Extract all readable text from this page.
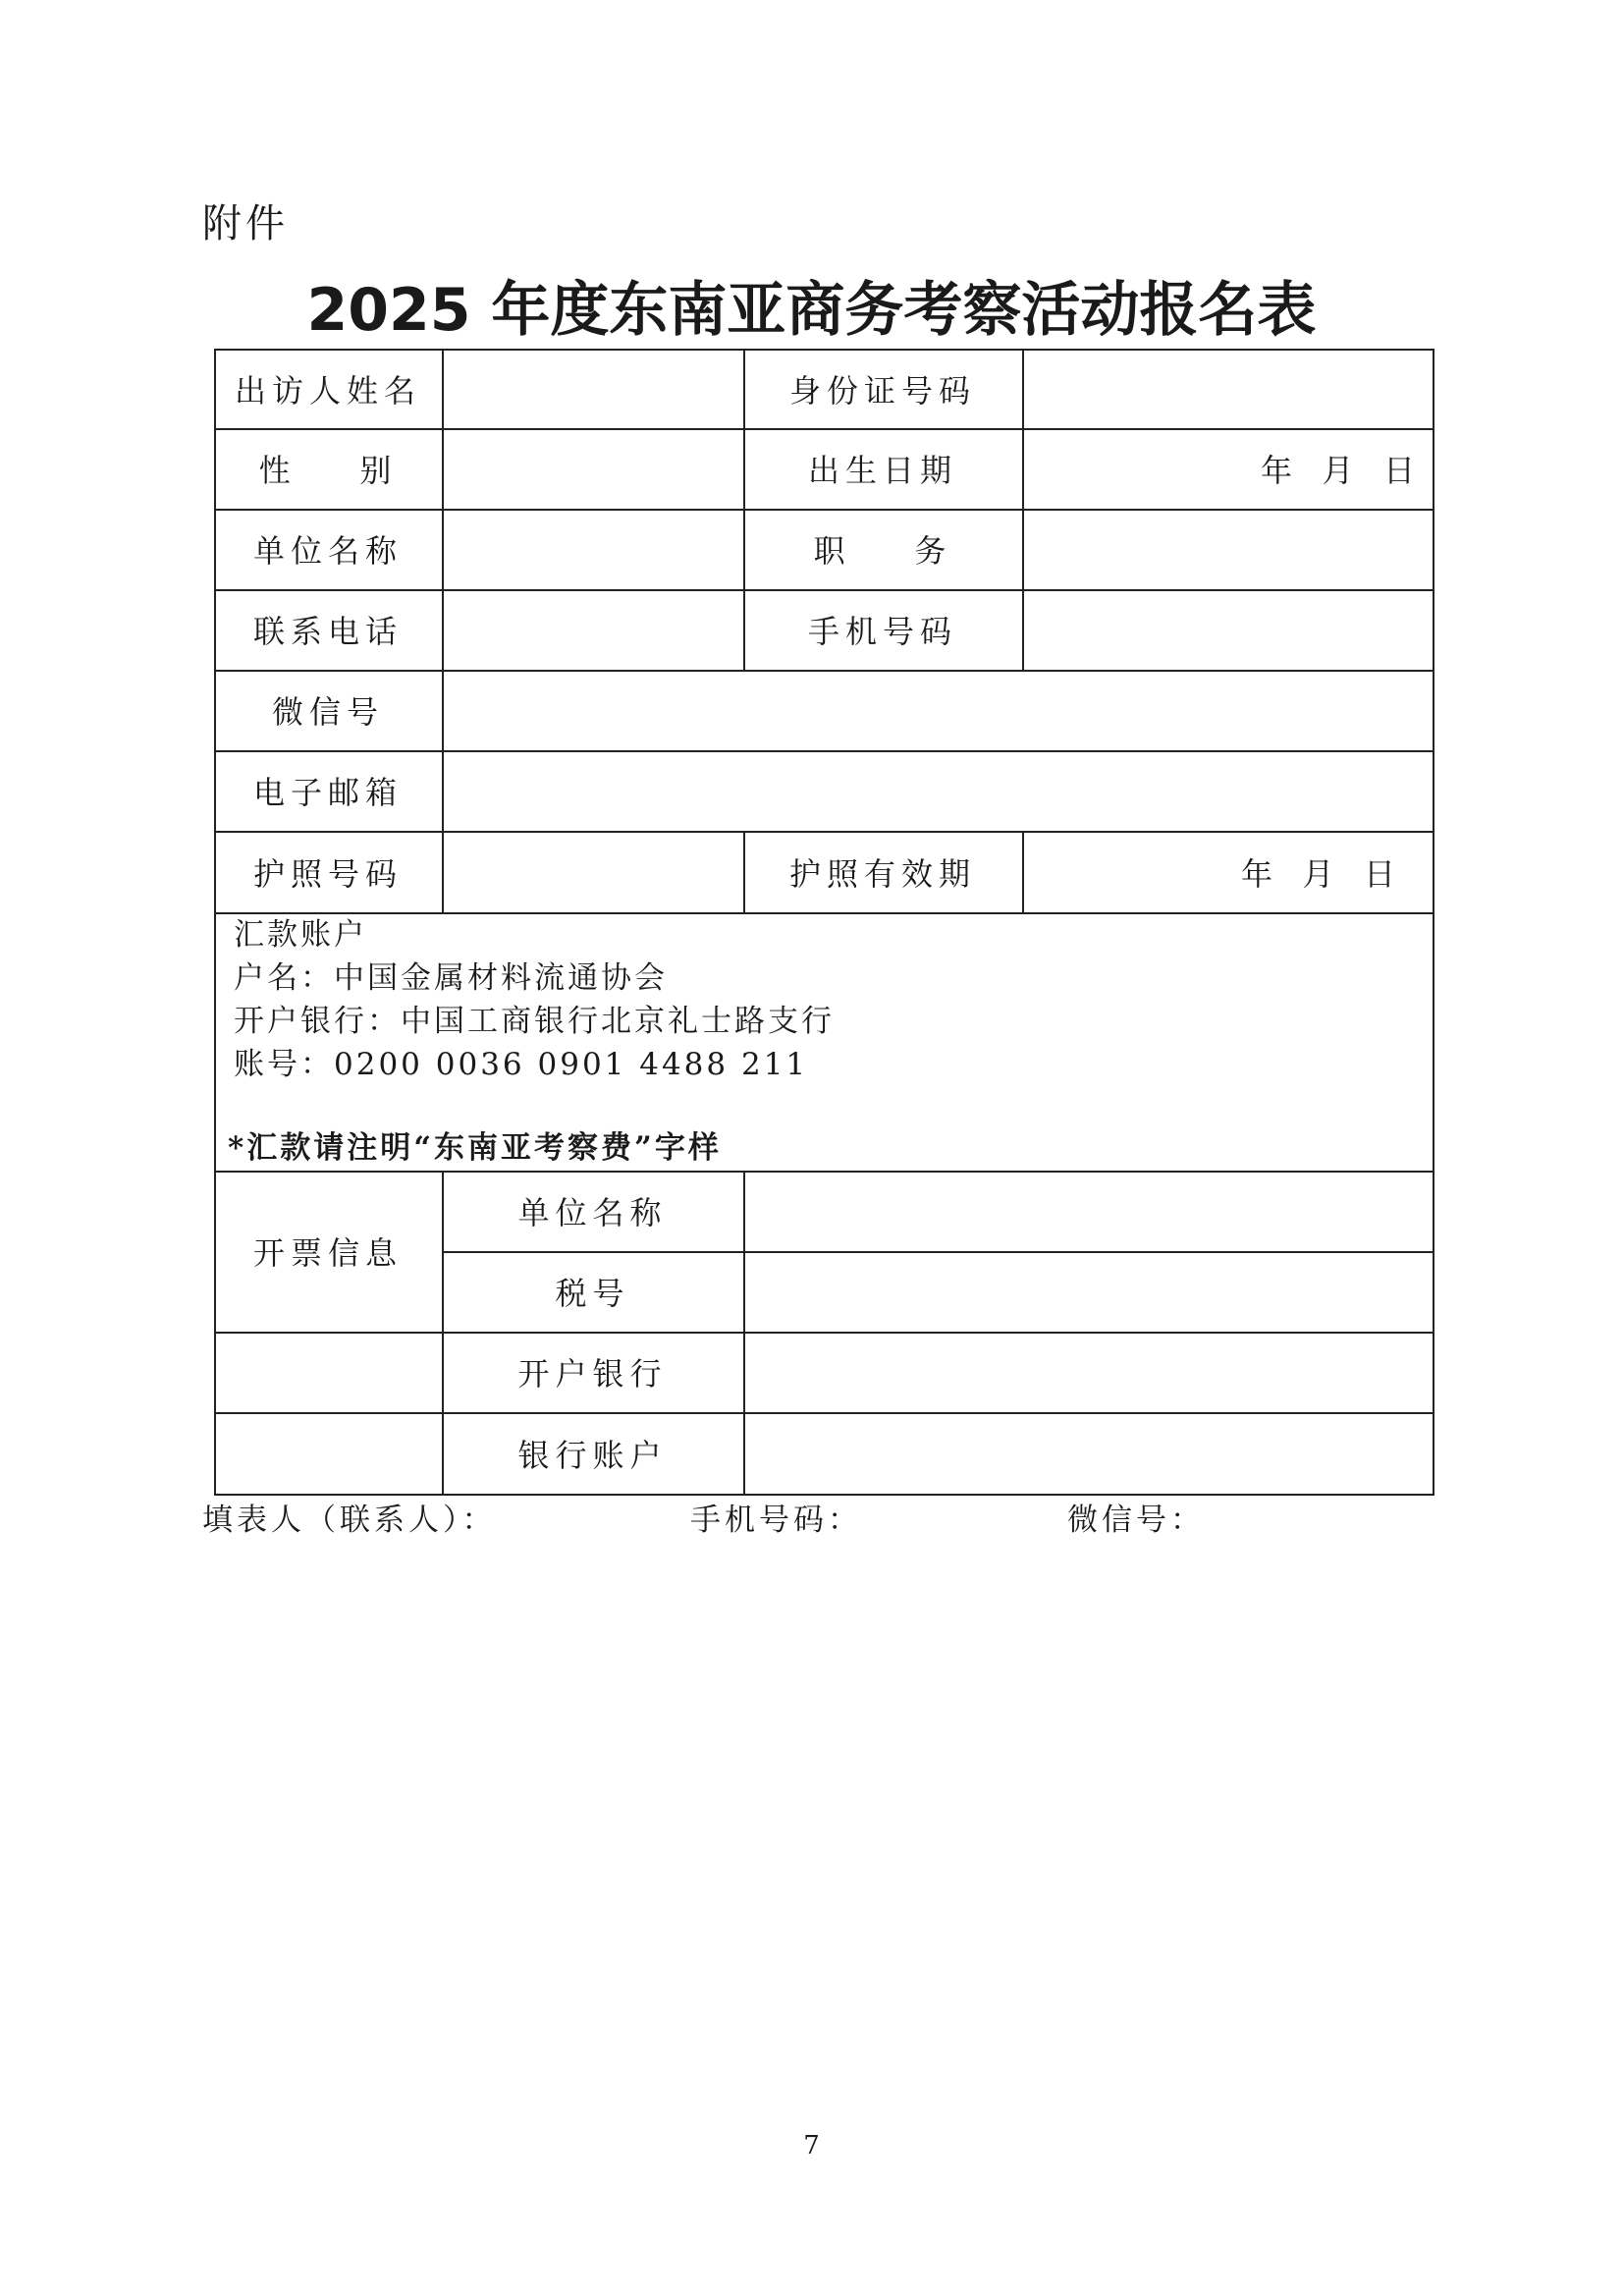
附件
2025 年度东南亚商务考察活动报名表
出访人姓名	身份证号码
性    别	出生日期	年   月   日
单位名称	职    务
联系电话	手机号码
微信号
电子邮箱
护照号码	护照有效期	年   月   日
汇款账户
户名：中国金属材料流通协会
开户银行：中国工商银行北京礼士路支行
账号：0200 0036 0901 4488 211
*汇款请注明“东南亚考察费”字样
开票信息
单位名称
税号
开户银行
银行账户
填表人（联系人）：	手机号码：	微信号：
7
